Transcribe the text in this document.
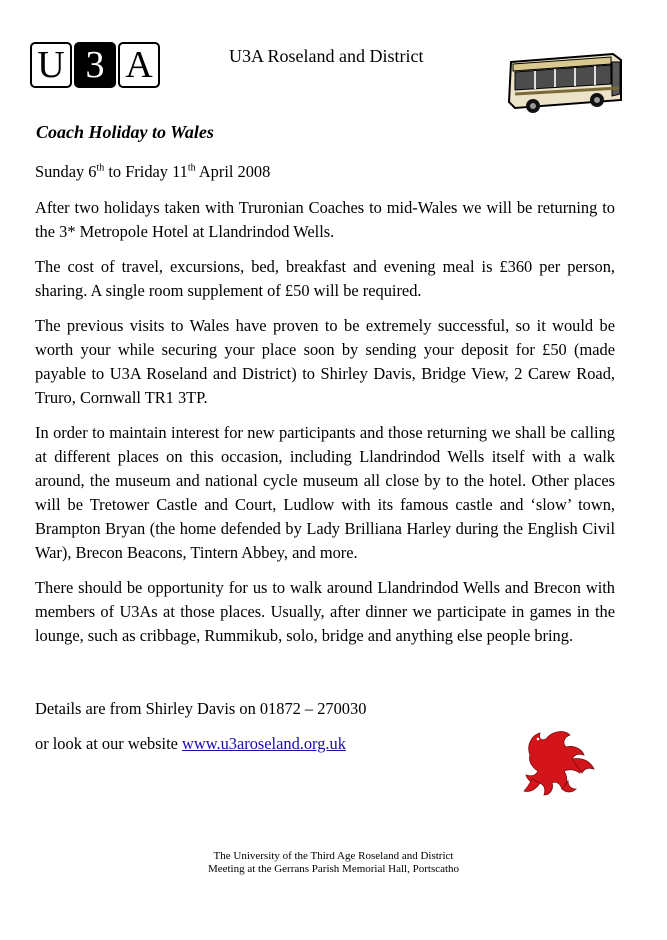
U 3 A	U3A Roseland and District
Coach Holiday to Wales

Sunday 6th to Friday 11th April 2008

After two holidays taken with Truronian Coaches to mid-Wales we will be returning to the 3* Metropole Hotel at Llandrindod Wells.

The cost of travel, excursions, bed, breakfast and evening meal is £360 per person, sharing. A single room supplement of £50 will be required.

The previous visits to Wales have proven to be extremely successful, so it would be worth your while securing your place soon by sending your deposit for £50 (made payable to U3A Roseland and District) to Shirley Davis, Bridge View, 2 Carew Road, Truro, Cornwall TR1 3TP.

In order to maintain interest for new participants and those returning we shall be calling at different places on this occasion, including Llandrindod Wells itself with a walk around, the museum and national cycle museum all close by to the hotel. Other places will be Tretower Castle and Court, Ludlow with its famous castle and ‘slow’ town, Brampton Bryan (the home defended by Lady Brilliana Harley during the English Civil War), Brecon Beacons, Tintern Abbey, and more.

There should be opportunity for us to walk around Llandrindod Wells and Brecon with members of U3As at those places. Usually, after dinner we participate in games in the lounge, such as cribbage, Rummikub, solo, bridge and anything else people bring.

Details are from Shirley Davis on 01872 – 270030

or look at our website www.u3aroseland.org.uk

The University of the Third Age Roseland and District
Meeting at the Gerrans Parish Memorial Hall, Portscatho
